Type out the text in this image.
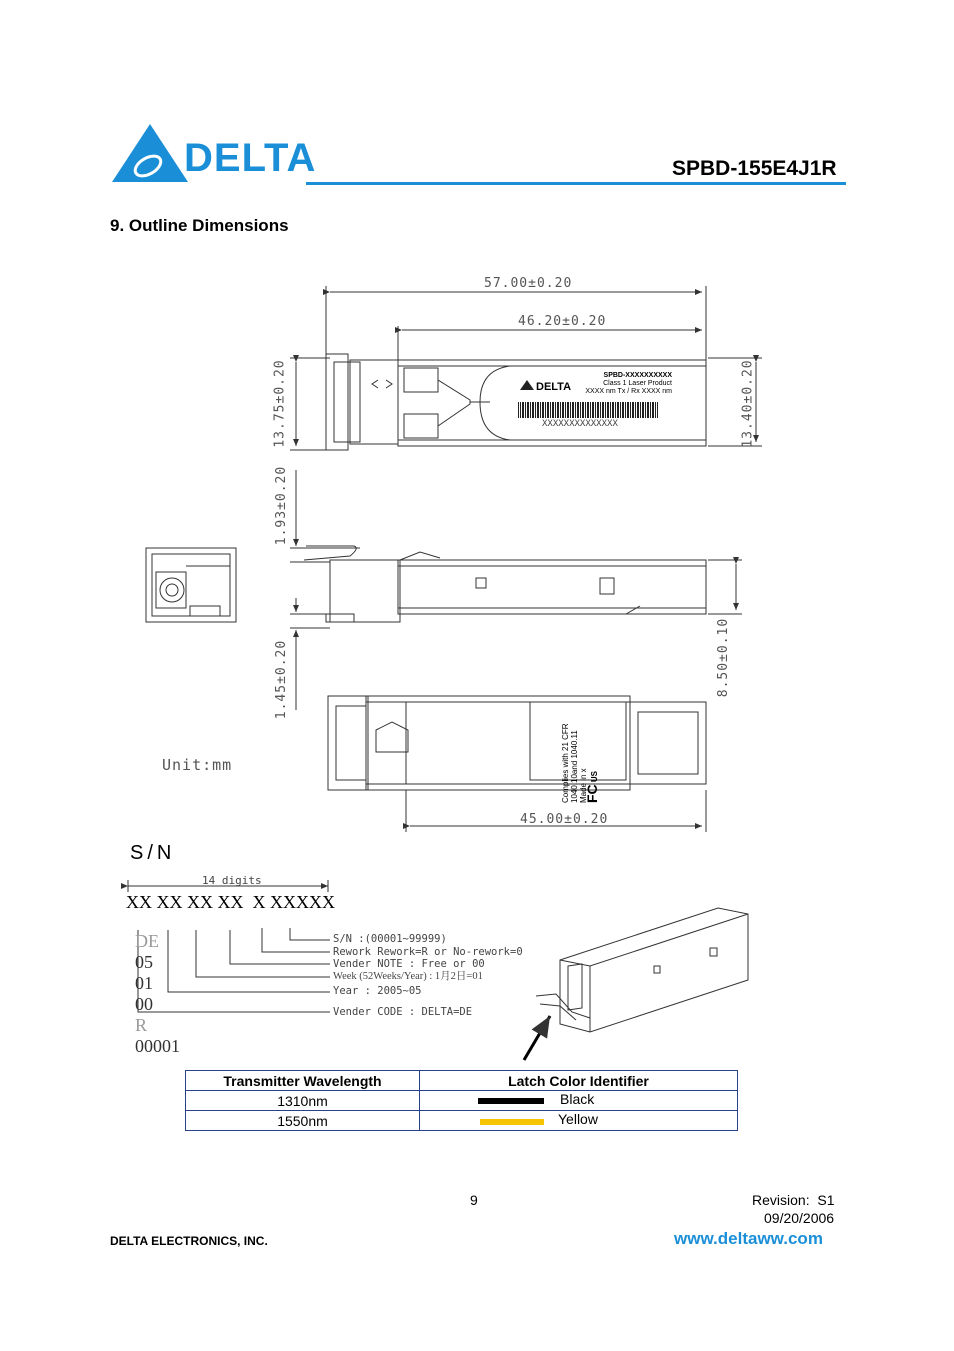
DELTA	SPBD-155E4J1R
9. Outline Dimensions
57.00±0.20
46.20±0.20
13.75±0.20	13.40±0.20
1.93±0.20
1.45±0.20	8.50±0.10
45.00±0.20
Unit:mm
SPBD-XXXXXXXXXX
Class 1 Laser Product
XXXX nm Tx / Rx XXXX nm
DELTA
XXXXXXXXXXXXXX
Complies with 21 CFR 1040.10and 1040.11 Made in x
FC US
S/N
14 digits
XX XX XX XX  X XXXXX

DE
05
01
00
R
00001

S/N :(00001~99999)
Rework Rework=R or No-rework=0
Vender NOTE : Free or 00
Week (52Weeks/Year) : 1月2日=01
Year : 2005~05
Vender CODE : DELTA=DE
Transmitter Wavelength	Latch Color Identifier
1310nm	Black

1550nm	Yellow
9	Revision:  S1
09/20/2006
DELTA ELECTRONICS, INC.	www.deltaww.com
